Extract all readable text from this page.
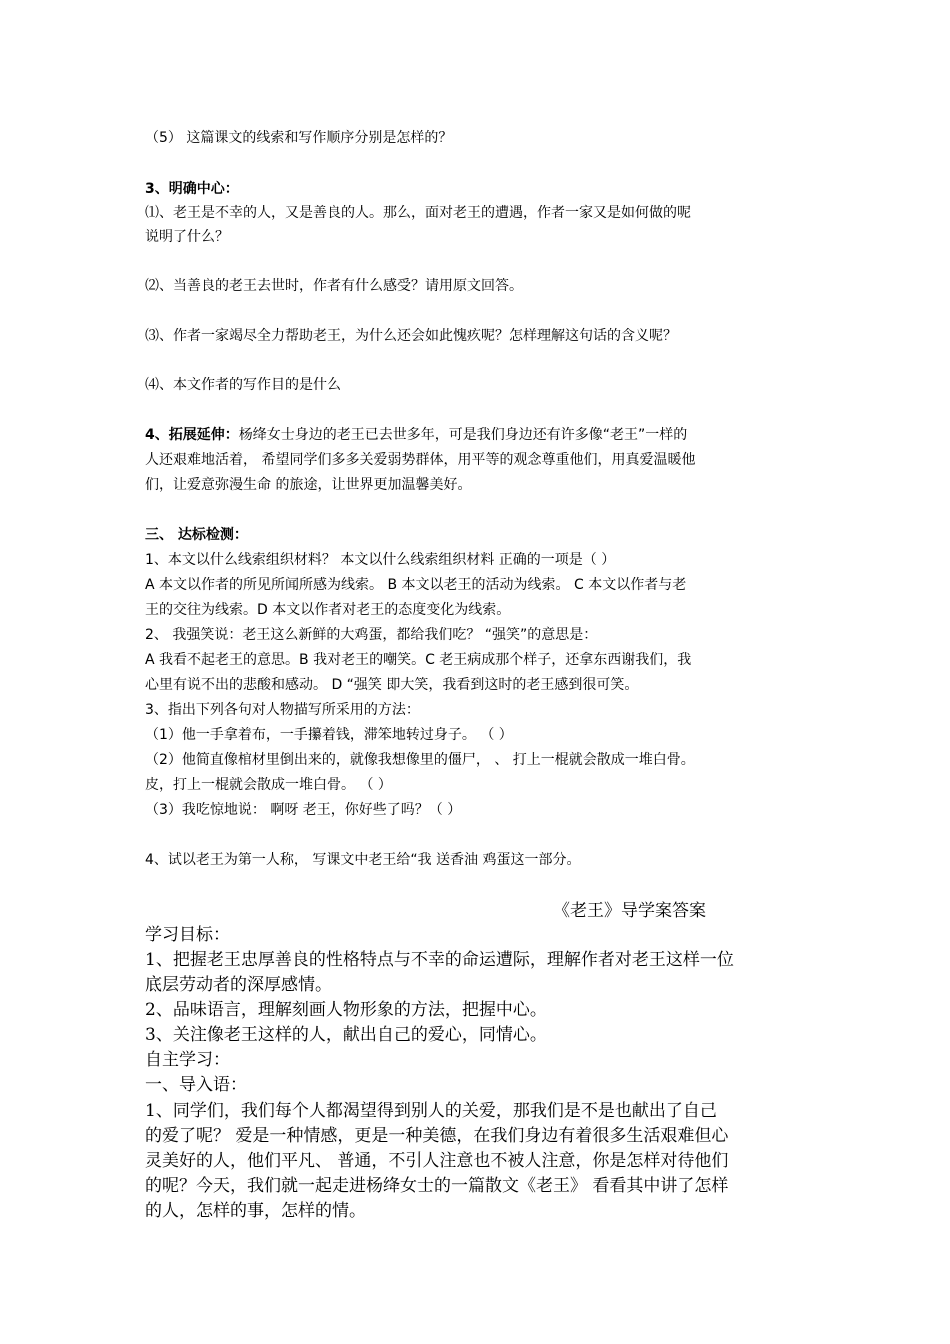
（5） 这篇课文的线索和写作顺序分别是怎样的？
3、明确中心：
⑴、老王是不幸的人，又是善良的人。那么，面对老王的遭遇，作者一家又是如何做的呢
说明了什么？
⑵、当善良的老王去世时，作者有什么感受？请用原文回答。
⑶、作者一家竭尽全力帮助老王，为什么还会如此愧疚呢？怎样理解这句话的含义呢？
⑷、本文作者的写作目的是什么
4、拓展延伸：杨绛女士身边的老王已去世多年，可是我们身边还有许多像“老王”一样的
人还艰难地活着， 希望同学们多多关爱弱势群体，用平等的观念尊重他们，用真爱温暖他
们，让爱意弥漫生命 的旅途，让世界更加温馨美好。
三、 达标检测：
1、本文以什么线索组织材料？ 本文以什么线索组织材料 正确的一项是（ ）
A 本文以作者的所见所闻所感为线索。 B 本文以老王的活动为线索。 C 本文以作者与老
王的交往为线索。D 本文以作者对老王的态度变化为线索。
2、 我强笑说：老王这么新鲜的大鸡蛋，都给我们吃？ “强笑”的意思是：
A 我看不起老王的意思。B 我对老王的嘲笑。C 老王病成那个样子，还拿东西谢我们，我
心里有说不出的悲酸和感动。 D “强笑 即大笑，我看到这时的老王感到很可笑。
3、指出下列各句对人物描写所采用的方法：
（1）他一手拿着布，一手攥着钱，滞笨地转过身子。 （ ）
（2）他简直像棺材里倒出来的，就像我想像里的僵尸， 、 打上一棍就会散成一堆白骨。
皮，打上一棍就会散成一堆白骨。 （ ）
（3）我吃惊地说： 啊呀 老王，你好些了吗？（ ）
4、试以老王为第一人称， 写课文中老王给“我 送香油 鸡蛋这一部分。
《老王》导学案答案
学习目标：
1、把握老王忠厚善良的性格特点与不幸的命运遭际，理解作者对老王这样一位
底层劳动者的深厚感情。
2、品味语言，理解刻画人物形象的方法，把握中心。
3、关注像老王这样的人，献出自己的爱心，同情心。
自主学习：
一、导入语：
1、同学们，我们每个人都渴望得到别人的关爱，那我们是不是也献出了自己
的爱了呢？ 爱是一种情感，更是一种美德，在我们身边有着很多生活艰难但心
灵美好的人，他们平凡、 普通，不引人注意也不被人注意，你是怎样对待他们
的呢？今天，我们就一起走进杨绛女士的一篇散文《老王》 看看其中讲了怎样
的人，怎样的事，怎样的情。
